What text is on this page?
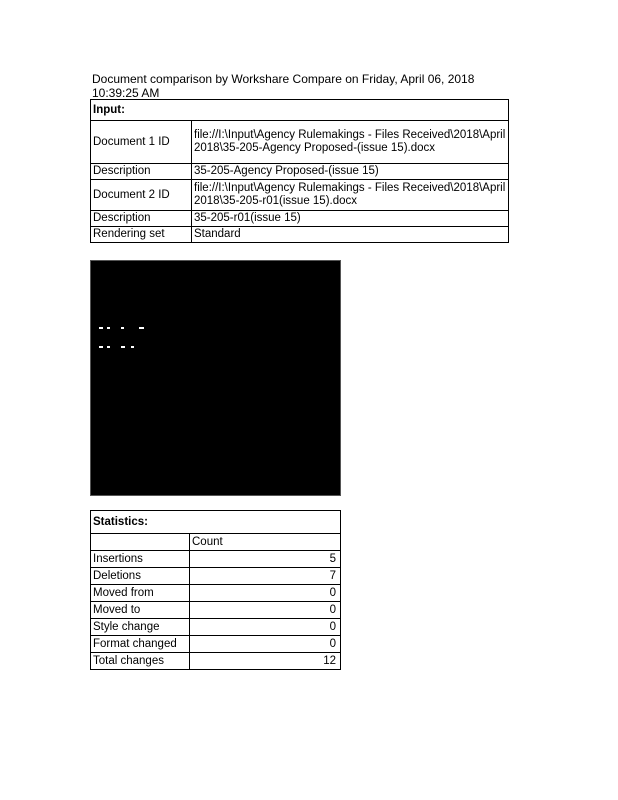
Document comparison by Workshare Compare on Friday, April 06, 2018
10:39:25 AM
Input:	
Document 1 ID	file://I:\Input\Agency Rulemakings - Files Received\2018\April 2018\35-205-Agency Proposed-(issue 15).docx
Description	35-205-Agency Proposed-(issue 15)
Document 2 ID	file://I:\Input\Agency Rulemakings - Files Received\2018\April 2018\35-205-r01(issue 15).docx
Description	35-205-r01(issue 15)
Rendering set	Standard
Statistics:	
	Count
Insertions	5
Deletions	7
Moved from	0
Moved to	0
Style change	0
Format changed	0
Total changes	12
